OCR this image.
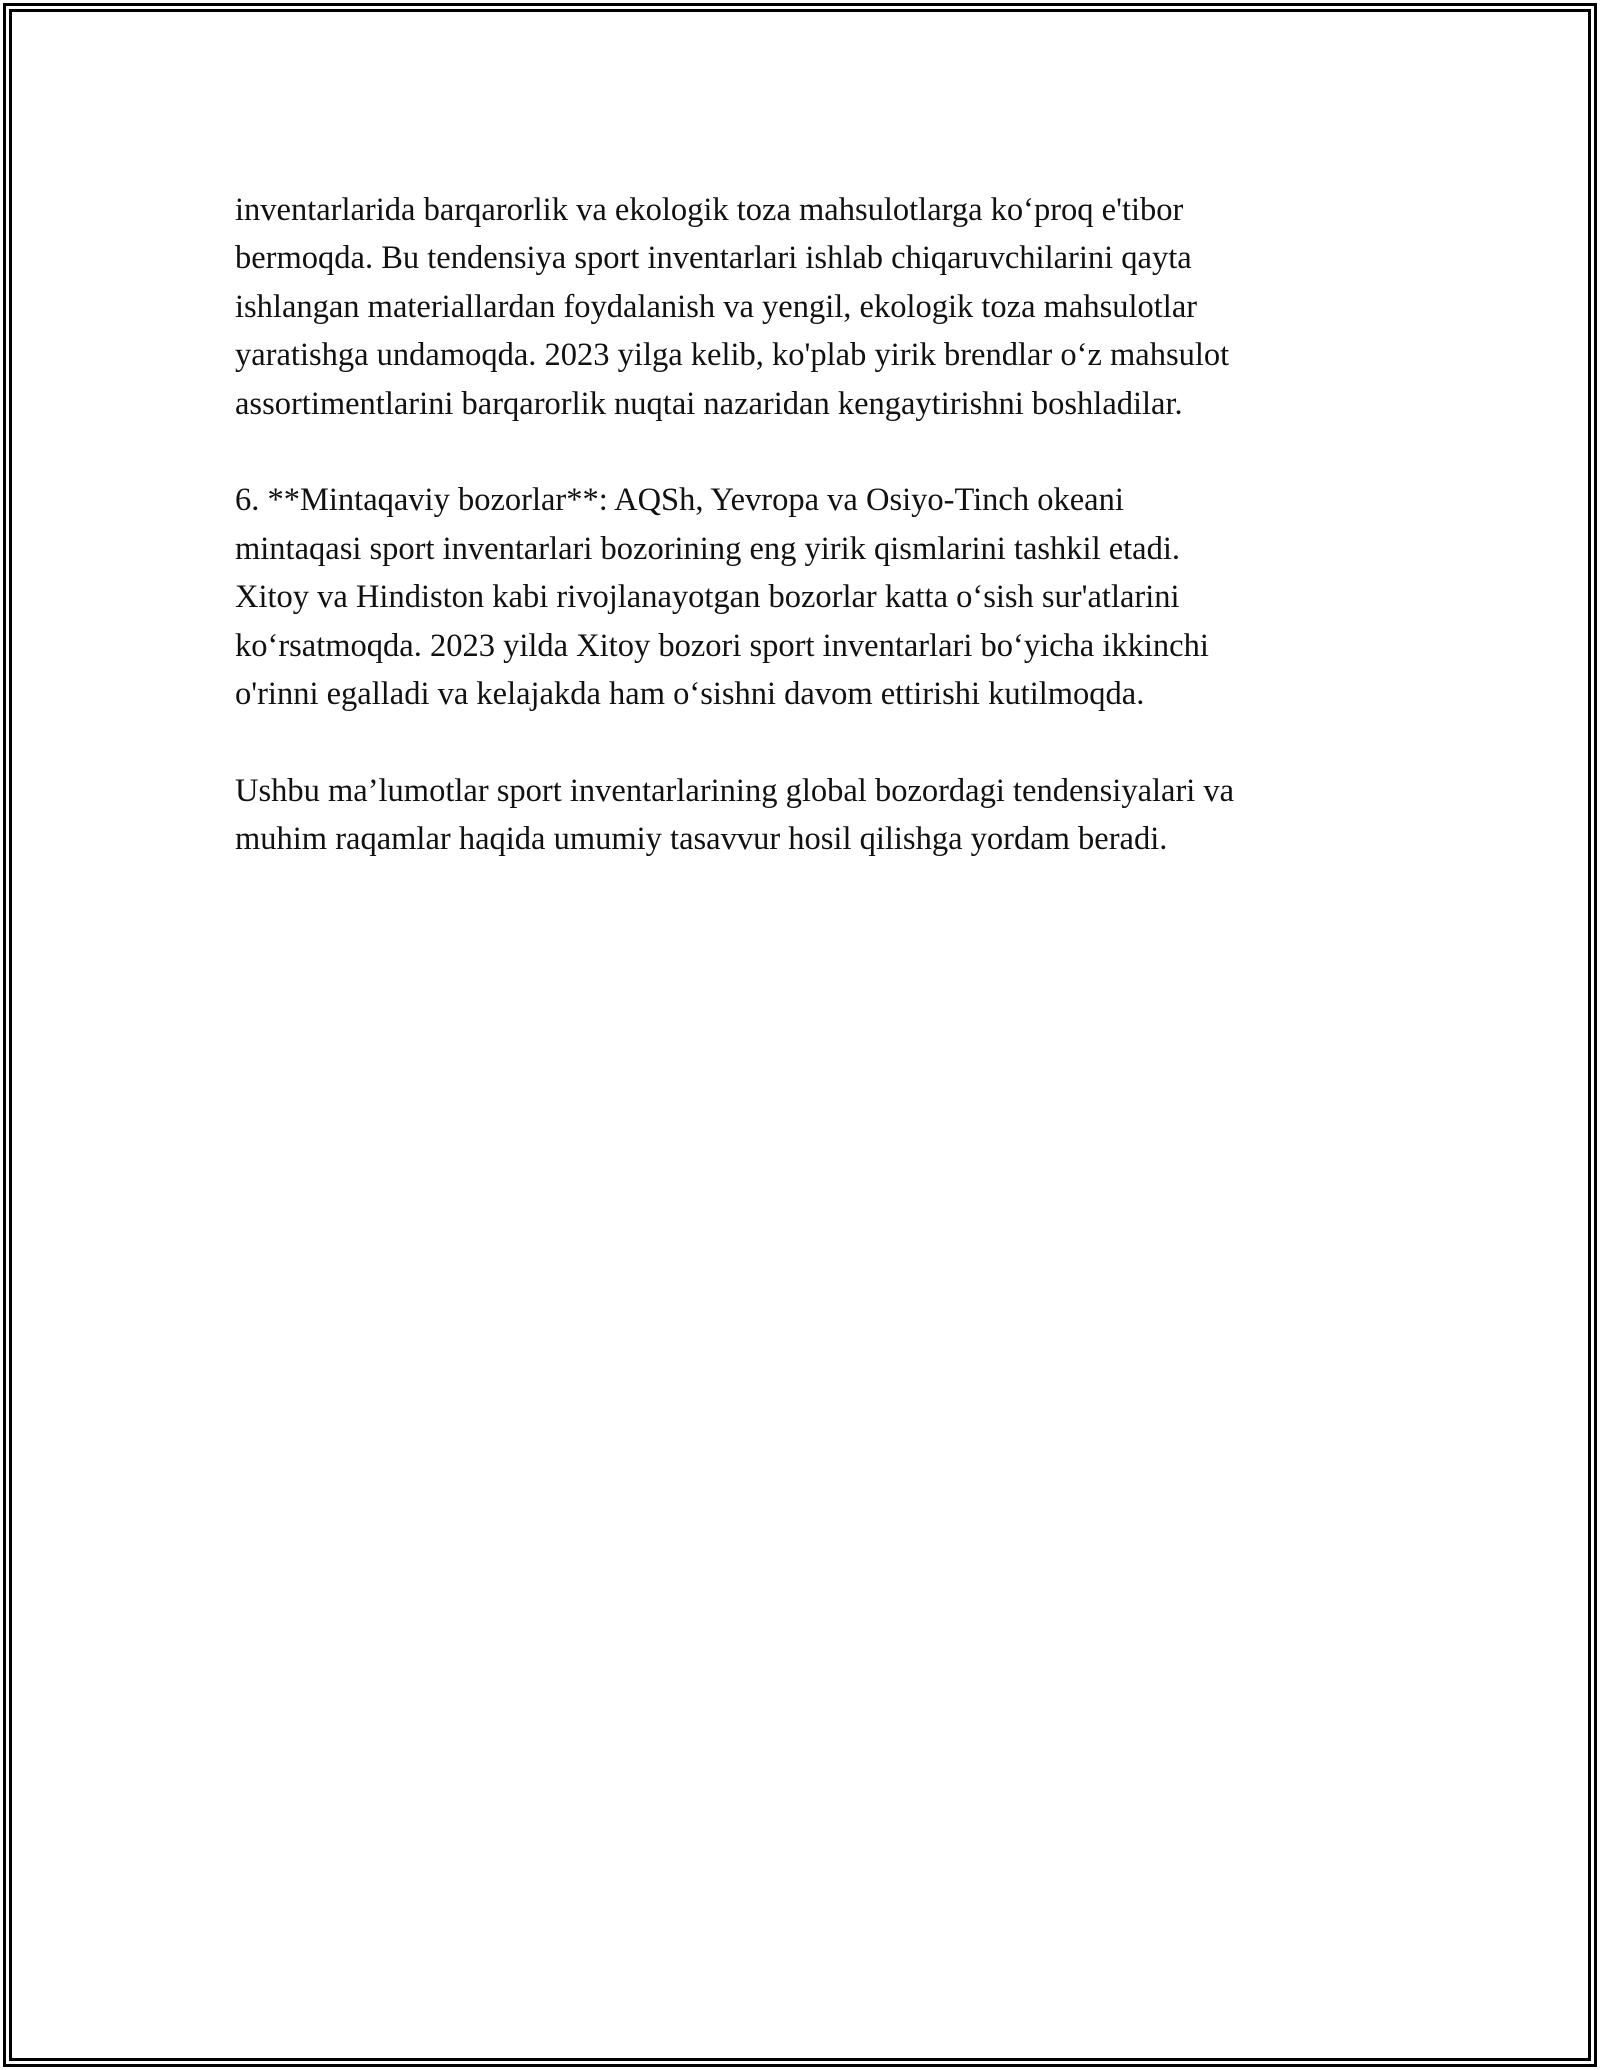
inventarlarida barqarorlik va ekologik toza mahsulotlarga ko‘proq e'tibor
bermoqda. Bu tendensiya sport inventarlari ishlab chiqaruvchilarini qayta
ishlangan materiallardan foydalanish va yengil, ekologik toza mahsulotlar
yaratishga undamoqda. 2023 yilga kelib, ko'plab yirik brendlar o‘z mahsulot
assortimentlarini barqarorlik nuqtai nazaridan kengaytirishni boshladilar.

6. **Mintaqaviy bozorlar**: AQSh, Yevropa va Osiyo-Tinch okeani
mintaqasi sport inventarlari bozorining eng yirik qismlarini tashkil etadi.
Xitoy va Hindiston kabi rivojlanayotgan bozorlar katta o‘sish sur'atlarini
ko‘rsatmoqda. 2023 yilda Xitoy bozori sport inventarlari bo‘yicha ikkinchi
o'rinni egalladi va kelajakda ham o‘sishni davom ettirishi kutilmoqda.

Ushbu ma’lumotlar sport inventarlarining global bozordagi tendensiyalari va
muhim raqamlar haqida umumiy tasavvur hosil qilishga yordam beradi.
